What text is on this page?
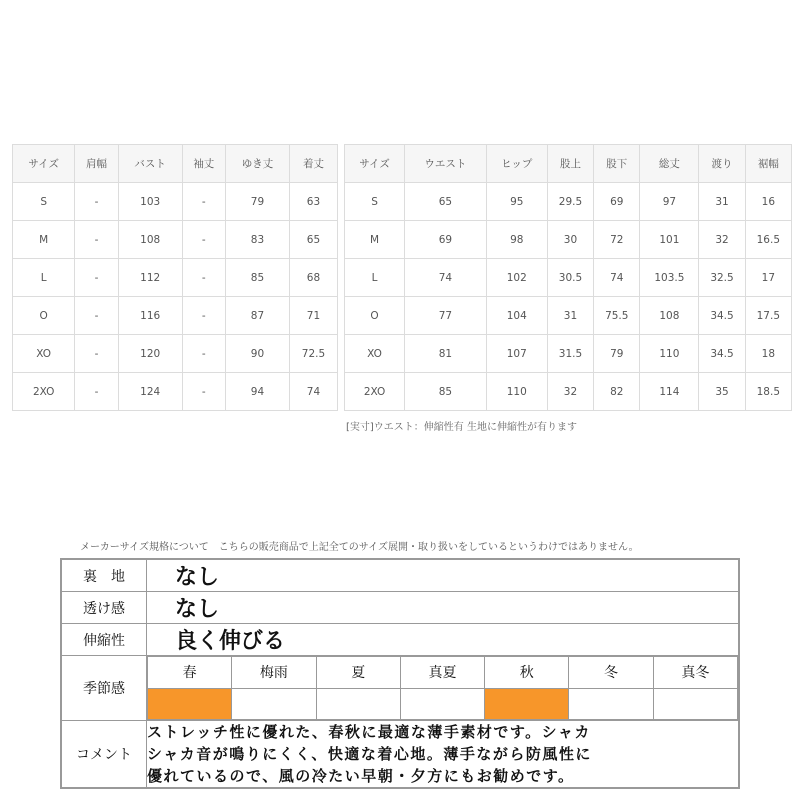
サイズ	肩幅	バスト	袖丈	ゆき丈	着丈
S	-	103	-	79	63
M	-	108	-	83	65
L	-	112	-	85	68
O	-	116	-	87	71
XO	-	120	-	90	72.5
2XO	-	124	-	94	74
サイズ	ウエスト	ヒップ	股上	股下	総丈	渡り	裾幅
S	65	95	29.5	69	97	31	16
M	69	98	30	72	101	32	16.5
L	74	102	30.5	74	103.5	32.5	17
O	77	104	31	75.5	108	34.5	17.5
XO	81	107	31.5	79	110	34.5	18
2XO	85	110	32	82	114	35	18.5
[実寸]ウエスト：伸縮性有 生地に伸縮性が有ります
メーカーサイズ規格について　こちらの販売商品で上記全てのサイズ展開・取り扱いをしているというわけではありません。
裏　地	なし
透け感	なし
伸縮性	良く伸びる
季節感	
春	梅雨	夏	真夏	秋	冬	真冬

コメント	
ストレッチ性に優れた、春秋に最適な薄手素材です。シャカ
シャカ音が鳴りにくく、快適な着心地。薄手ながら防風性に
優れているので、風の冷たい早朝・夕方にもお勧めです。
